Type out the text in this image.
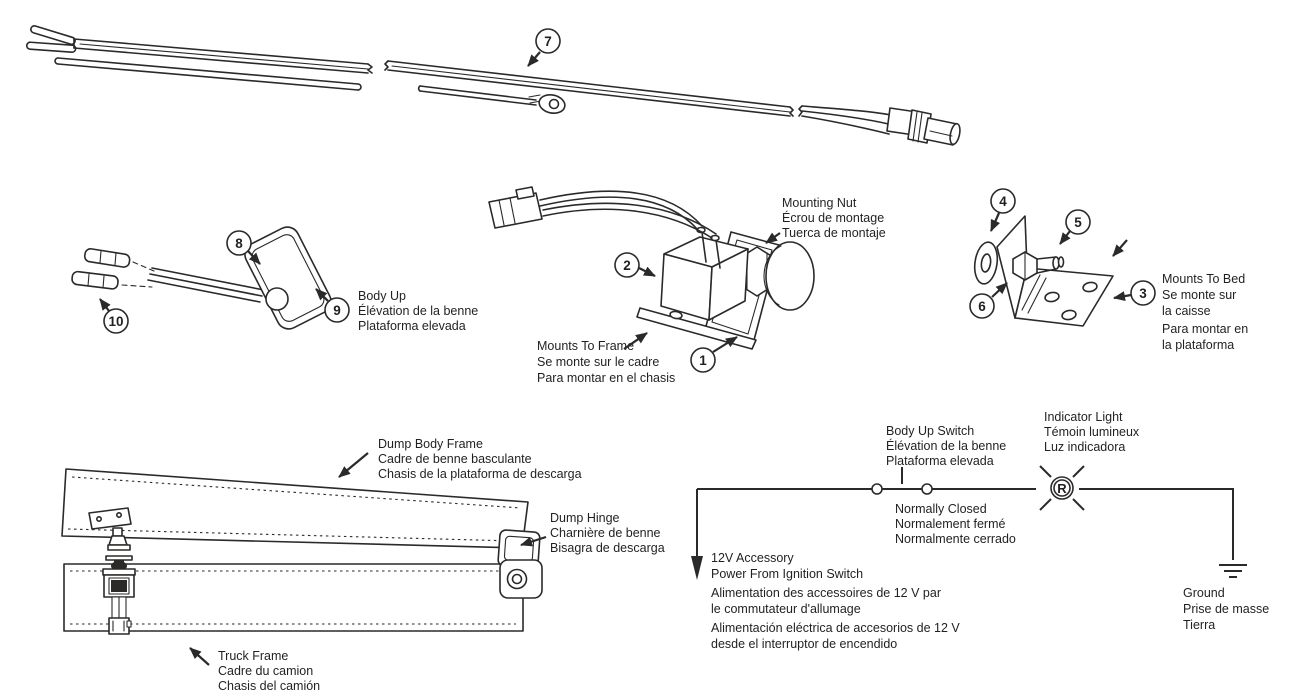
7
8
9
10
Body Up
Élévation de la benne
Plataforma elevada
2
1
Mounting Nut
Écrou de montage
Tuerca de montaje
Mounts To Frame
Se monte sur le cadre
Para montar en el chasis
4
5
6
3
Mounts To Bed
Se monte sur
la caisse
Para montar en
la plataforma
Dump Body Frame
Cadre de benne basculante
Chasis de la plataforma de descarga
Dump Hinge
Charnière de benne
Bisagra de descarga
Truck Frame
Cadre du camion
Chasis del camión
R
Body Up Switch
Élévation de la benne
Plataforma elevada
Normally Closed
Normalement fermé
Normalmente cerrado
Indicator Light
Témoin lumineux
Luz indicadora
12V Accessory
Power From Ignition Switch
Alimentation des accessoires de 12 V par
le commutateur d'allumage
Alimentación eléctrica de accesorios de 12 V
desde el interruptor de encendido
Ground
Prise de masse
Tierra
